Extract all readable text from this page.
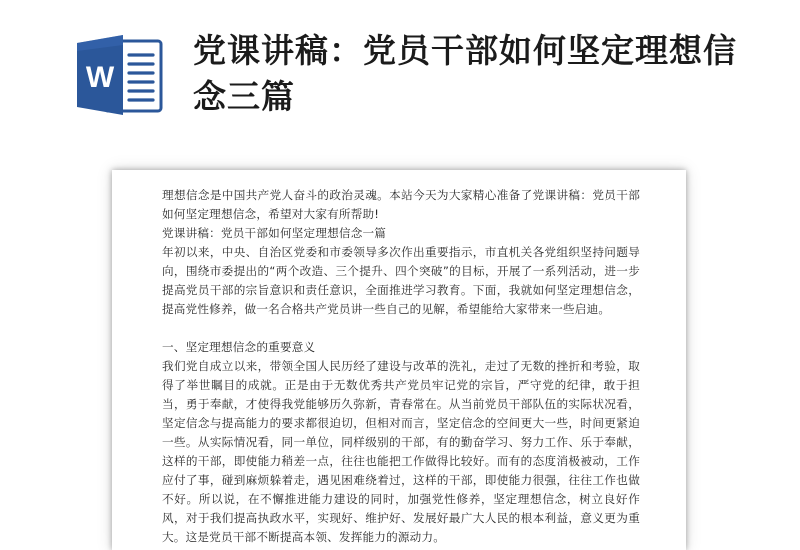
W
党课讲稿：党员干部如何坚定理想信念三篇

理想信念是中国共产党人奋斗的政治灵魂。本站今天为大家精心准备了党课讲稿：党员干部如何坚定理想信念，希望对大家有所帮助!

党课讲稿：党员干部如何坚定理想信念一篇

年初以来，中央、自治区党委和市委领导多次作出重要指示，市直机关各党组织坚持问题导向，围绕市委提出的“两个改造、三个提升、四个突破”的目标，开展了一系列活动，进一步提高党员干部的宗旨意识和责任意识，全面推进学习教育。下面，我就如何坚定理想信念，提高党性修养，做一名合格共产党员讲一些自己的见解，希望能给大家带来一些启迪。

一、坚定理想信念的重要意义

我们党自成立以来，带领全国人民历经了建设与改革的洗礼，走过了无数的挫折和考验，取得了举世瞩目的成就。正是由于无数优秀共产党员牢记党的宗旨，严守党的纪律，敢于担当，勇于奉献，才使得我党能够历久弥新，青春常在。从当前党员干部队伍的实际状况看，坚定信念与提高能力的要求都很迫切，但相对而言，坚定信念的空间更大一些，时间更紧迫一些。从实际情况看，同一单位，同样级别的干部，有的勤奋学习、努力工作、乐于奉献，这样的干部，即使能力稍差一点，往往也能把工作做得比较好。而有的态度消极被动，工作应付了事，碰到麻烦躲着走，遇见困难绕着过，这样的干部，即使能力很强，往往工作也做不好。所以说，在不懈推进能力建设的同时，加强党性修养，坚定理想信念，树立良好作风，对于我们提高执政水平，实现好、维护好、发展好最广大人民的根本利益，意义更为重大。这是党员干部不断提高本领、发挥能力的源动力。
